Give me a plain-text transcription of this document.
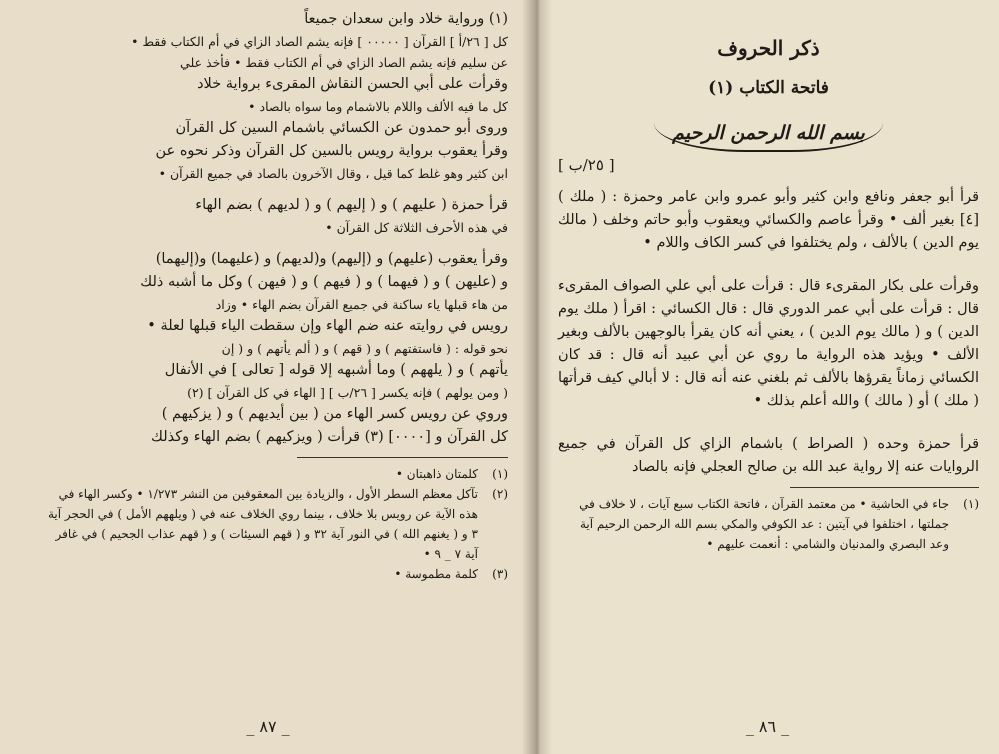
(١) ورواية خلاد وابن سعدان جميعاً

كل [ ٢٦/أ ] القرآن [ ٠٠٠٠٠ ] فإنه يشم الصاد الزاي في أم الكتاب فقط •

عن سليم فإنه يشم الصاد الزاي في أم الكتاب فقط • فأخذ علي

وقرأت على أبي الحسن النقاش المقرىء برواية خلاد

كل ما فيه الألف واللام بالاشمام وما سواه بالصاد •

وروى أبو حمدون عن الكسائي باشمام السين كل القرآن

وقرأ يعقوب برواية رويس بالسين كل القرآن وذكر نحوه عن

ابن كثير وهو غلط كما قيل ، وقال الآخرون بالصاد في جميع القرآن •

قرأ حمزة ( عليهم ) و ( إليهم ) و ( لديهم ) بضم الهاء

في هذه الأحرف الثلاثة كل القرآن •

وقرأ يعقوب (عليهم) و (إليهم) و(لديهم) و (عليهما) و(إليهما)

و (عليهن ) و ( فيهما ) و ( فيهم ) و ( فيهن ) وكل ما أشبه ذلك

من هاء قبلها ياء ساكنة في جميع القرآن بضم الهاء • وزاد

رويس في روايته عنه ضم الهاء وإن سقطت الياء قبلها لعلة •

نحو قوله : ( فاستفتهم ) و ( قهم ) و ( ألم يأتهم ) و ( إن

يأتهم ) و ( يلههم ) وما أشبهه إلا قوله [ تعالى ] في الأنفال

( ومن يولهم ) فإنه يكسر [ ٢٦/ب ] [ الهاء في كل القرآن ] (٢)

وروي عن رويس كسر الهاء من ( بين أيديهم ) و ( يزكيهم )

كل القرآن و [٠٠٠٠] (٣) قرأت ( ويزكيهم ) بضم الهاء وكذلك

(١)
كلمتان ذاهبتان •
(٢)
تآكل معظم السطر الأول ، والزيادة بين المعقوفين من النشر ١/٢٧٣ • وكسر الهاء في هذه الآية عن رويس بلا خلاف ، بينما روي الخلاف عنه في ( ويلههم الأمل ) في الحجر آية ٣ و ( يغنهم الله ) في النور آية ٣٢ و ( قهم السيئات ) و ( قهم عذاب الجحيم ) في غافر آية ٧ _ ٩ •
(٣)
كلمة مطموسة •
_ ٨٧ _
ذكر الحروف
فاتحة الكتاب (١)
بسم الله الرحمن الرحيم
[ ٢٥/ب ]

قرأ أبو جعفر ونافع وابن كثير وأبو عمرو وابن عامر وحمزة : ( ملك ) [٤] بغير ألف • وقرأ عاصم والكسائي ويعقوب وأبو حاتم وخلف ( مالك يوم الدين ) بالألف ، ولم يختلفوا في كسر الكاف واللام •

وقرأت على بكار المقرىء قال : قرأت على أبي علي الصواف المقرىء قال : قرأت على أبي عمر الدوري قال : قال الكسائي : اقرأ ( ملك يوم الدين ) و ( مالك يوم الدين ) ، يعني أنه كان يقرأ بالوجهين بالألف وبغير الألف • ويؤيد هذه الرواية ما روي عن أبي عبيد أنه قال : قد كان الكسائي زماناً يقرؤها بالألف ثم بلغني عنه أنه قال : لا أبالي كيف قرأتها ( ملك ) أو ( مالك ) والله أعلم بذلك •

قرأ حمزة وحده ( الصراط ) باشمام الزاي كل القرآن في جميع الروايات عنه إلا رواية عبد الله بن صالح العجلي فإنه بالصاد

(١)
جاء في الحاشية • من معتمد القرآن ، فاتحة الكتاب سبع آيات ، لا خلاف في جملتها ، اختلفوا في آيتين : عد الكوفي والمكي بسم الله الرحمن الرحيم آية وعد البصري والمدنيان والشامي : أنعمت عليهم •
_ ٨٦ _
